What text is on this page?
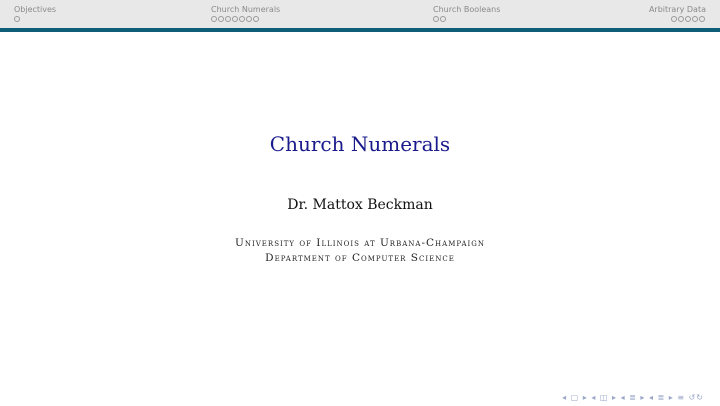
Objectives	Church Numerals	Church Booleans	Arbitrary Data
Church Numerals
Dr. Mattox Beckman
University of Illinois at Urbana-Champaign
Department of Computer Science
◂ ▢ ▸ ◂ ◫ ▸ ◂ ≣ ▸ ◂ ≣ ▸ ≡ ↺↻
